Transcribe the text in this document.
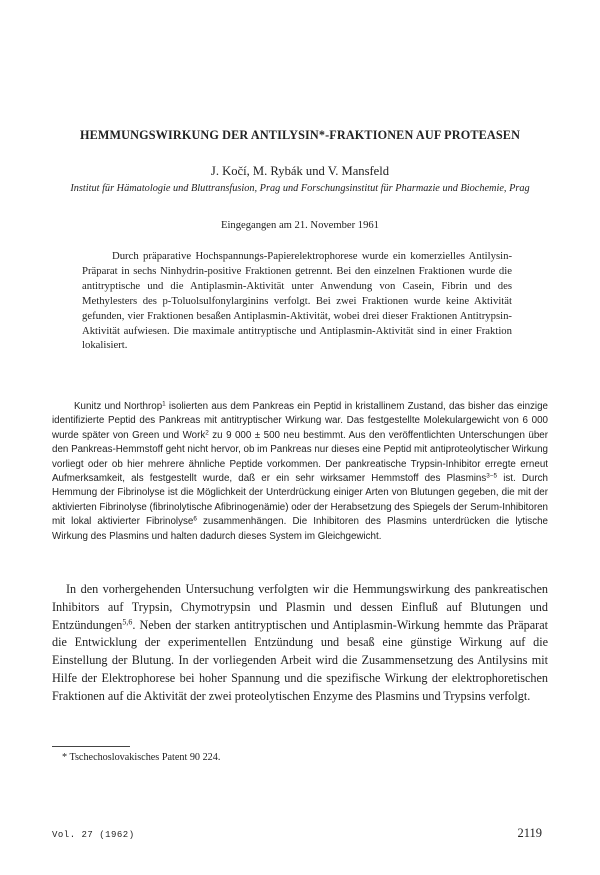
HEMMUNGSWIRKUNG DER ANTILYSIN*-FRAKTIONEN AUF PROTEASEN
J. Kočí, M. Rybák und V. Mansfeld
Institut für Hämatologie und Bluttransfusion, Prag und Forschungsinstitut für Pharmazie und Biochemie, Prag
Eingegangen am 21. November 1961

Durch präparative Hochspannungs-Papierelektrophorese wurde ein komerzielles Antilysin-Präparat in sechs Ninhydrin-positive Fraktionen getrennt. Bei den einzelnen Fraktionen wurde die antitryptische und die Antiplasmin-Aktivität unter Anwendung von Casein, Fibrin und des Methylesters des p-Toluolsulfonylarginins verfolgt. Bei zwei Fraktionen wurde keine Aktivität gefunden, vier Fraktionen besaßen Antiplasmin-Aktivität, wobei drei dieser Fraktionen Antitrypsin-Aktivität aufwiesen. Die maximale antitryptische und Antiplasmin-Aktivität sind in einer Fraktion lokalisiert.

Kunitz und Northrop$^1$ isolierten aus dem Pankreas ein Peptid in kristallinem Zustand, das bisher das einzige identifizierte Peptid des Pankreas mit antitryptischer Wirkung war. Das festgestellte Molekulargewicht von 6 000 wurde später von Green und Work$^2$ zu 9 000 ± 500 neu bestimmt. Aus den veröffentlichten Unterschungen über den Pankreas-Hemmstoff geht nicht hervor, ob im Pankreas nur dieses eine Peptid mit antiproteolytischer Wirkung vorliegt oder ob hier mehrere ähnliche Peptide vorkommen. Der pankreatische Trypsin-Inhibitor erregte erneut Aufmerksamkeit, als festgestellt wurde, daß er ein sehr wirksamer Hemmstoff des Plasmins$^{3-5}$ ist. Durch Hemmung der Fibrinolyse ist die Möglichkeit der Unterdrückung einiger Arten von Blutungen gegeben, die mit der aktivierten Fibrinolyse (fibrinolytische Afibrinogenämie) oder der Herabsetzung des Spiegels der Serum-Inhibitoren mit lokal aktivierter Fibrinolyse$^6$ zusammenhängen. Die Inhibitoren des Plasmins unterdrücken die lytische Wirkung des Plasmins und halten dadurch dieses System im Gleichgewicht.

In den vorhergehenden Untersuchung verfolgten wir die Hemmungswirkung des pankreatischen Inhibitors auf Trypsin, Chymotrypsin und Plasmin und dessen Einfluß auf Blutungen und Entzündungen$^{5,6}$. Neben der starken antitryptischen und Antiplasmin-Wirkung hemmte das Präparat die Entwicklung der experimentellen Entzündung und besaß eine günstige Wirkung auf die Einstellung der Blutung. In der vorliegenden Arbeit wird die Zusammensetzung des Antilysins mit Hilfe der Elektrophorese bei hoher Spannung und die spezifische Wirkung der elektrophoretischen Fraktionen auf die Aktivität der zwei proteolytischen Enzyme des Plasmins und Trypsins verfolgt.

* Tschechoslovakisches Patent 90 224.
Vol. 27 (1962)	2119
